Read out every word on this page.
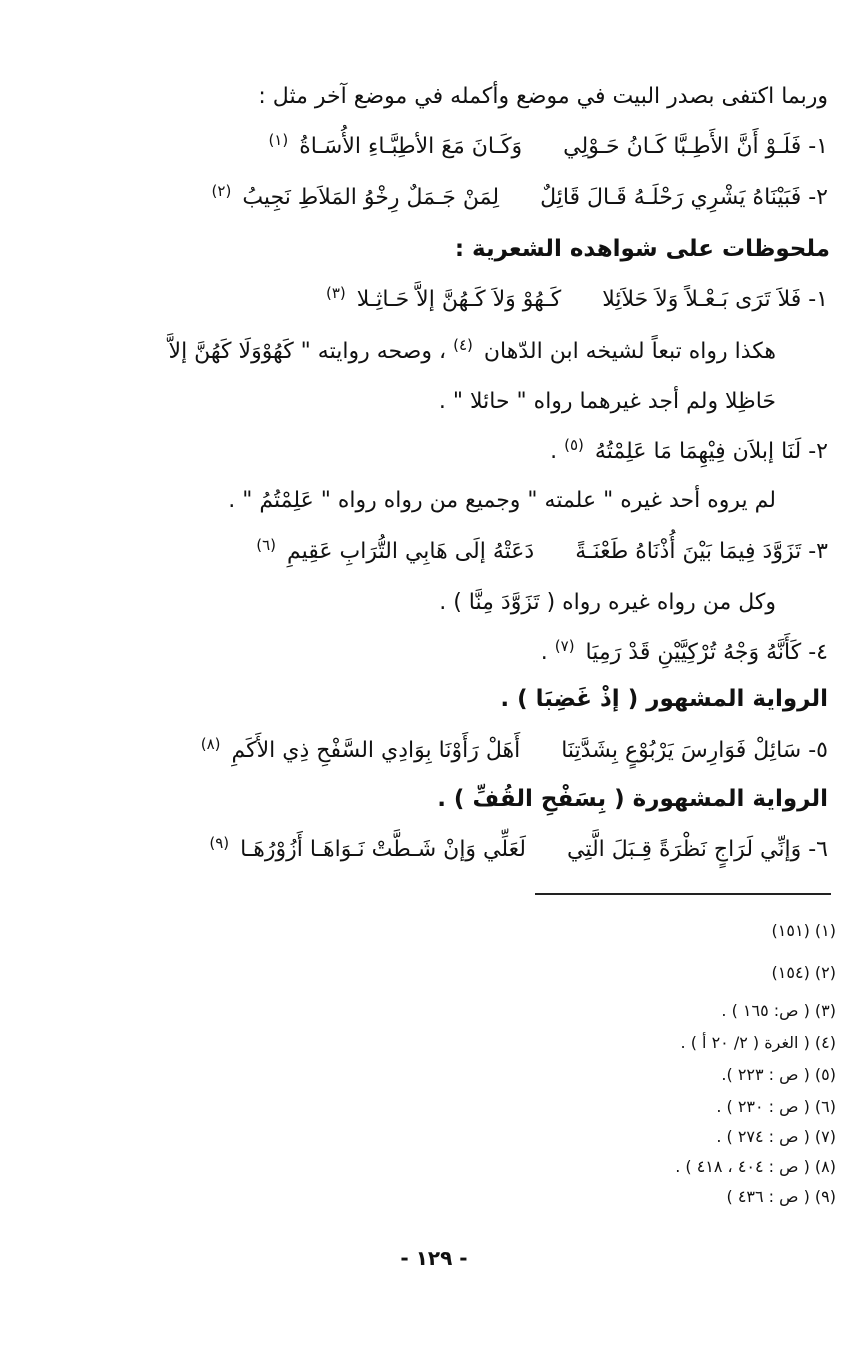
وربما اكتفى بصدر البيت في موضع وأكمله في موضع آخر مثل :
١- فَلَـوْ أَنَّ الأَطِـبَّا كَـانُ حَـوْلِي وَكَـانَ مَعَ الأطِبَّـاءِ الأُسَـاةُ $^{(١)}$
٢- فَبَيْنَاهُ يَشْرِي رَحْلَـهُ قَـالَ قَائِلٌ لِمَنْ جَـمَلٌ رِخْوُ المَلاَطِ نَجِيبُ $^{(٢)}$
ملحوظات على شواهده الشعرية :
١- فَلاَ تَرَى بَـعْـلاً وَلاَ حَلاَئِلا كَـهُوْ وَلاَ كَـهُنَّ إلاَّ حَـاثِـلا $^{(٣)}$
هكذا رواه تبعاً لشيخه ابن الدّهان $^{(٤)}$ ، وصحه روايته " كَهُوْوَلَا كَهُنَّ إلاَّ
حَاظِلا ولم أجد غيرهما رواه " حائلا " .
٢- لَنَا إبلاَن فِيْهِمَا مَا عَلِمْتُهُ $^{(٥)}$ .
لم يروه أحد غيره " علمته " وجميع من رواه رواه " عَلِمْتُمُ " .
٣- تَزَوَّدَ فِيمَا بَيْنَ أُذْنَاهُ طَعْنَـةً دَعَتْهُ إلَى هَابِي التُّرَابِ عَقِيمِ $^{(٦)}$
وكل من رواه غيره رواه ( تَزَوَّدَ مِنَّا ) .
٤- كَأَنَّهُ وَجْهُ تُرْكِيَّيْنِ قَدْ رَمِيَا $^{(٧)}$ .
الرواية المشهور ( إذْ غَضِبَا ) .
٥- سَائِلْ فَوَارِسَ يَرْبُوْعٍ بِشَدَّتِنَا أَهَلْ رَأَوْنَا بِوَادِي السَّفْحِ ذِي الأَكَمِ $^{(٨)}$
الرواية المشهورة ( بِسَفْحِ القُفِّ ) .
٦- وَإنِّي لَرَاجٍ نَظْرَةً قِـبَلَ الَّتِي لَعَلِّي وَإنْ شَـطَّتْ نَـوَاهَـا أَزُوْرُهَـا $^{(٩)}$
(١) (١٥١)
(٢) (١٥٤)
(٣) ( ص: ١٦٥ ) .
(٤) ( الغرة ( ٢/ ٢٠ أ ) .
(٥) ( ص : ٢٢٣ ).
(٦) ( ص : ٢٣٠ ) .
(٧) ( ص : ٢٧٤ ) .
(٨) ( ص : ٤٠٤ ، ٤١٨ ) .
(٩) ( ص : ٤٣٦ )
- ١٢٩ -
